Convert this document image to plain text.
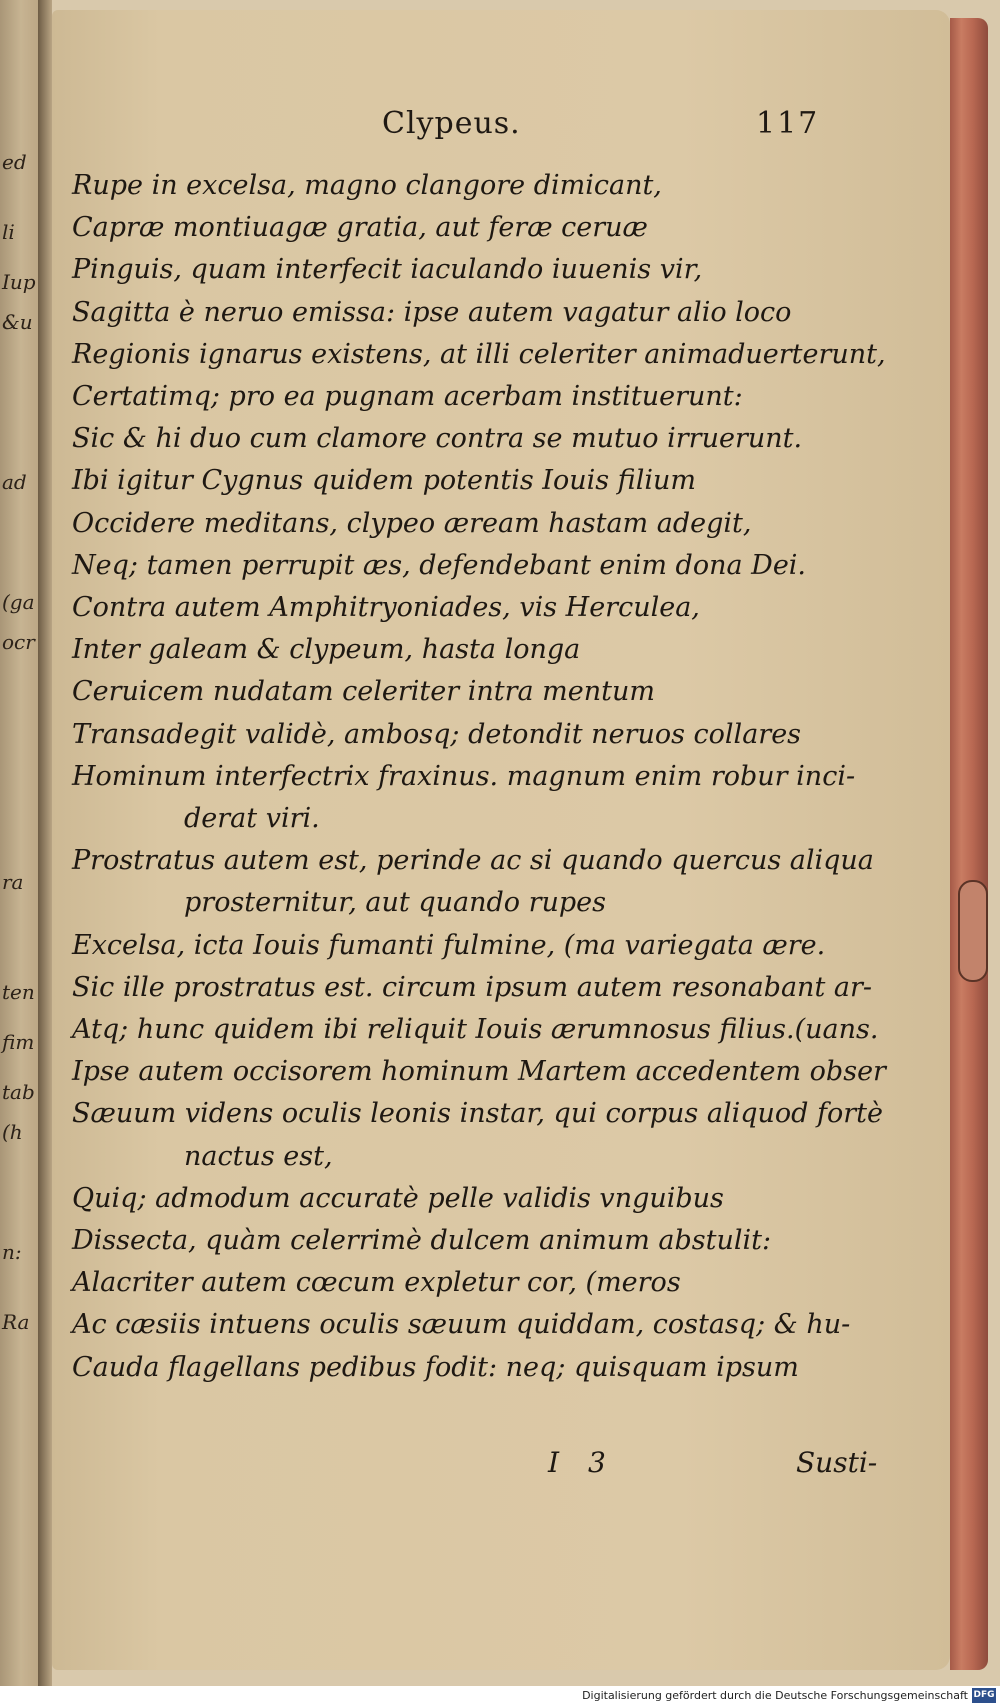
ed
li
Iup
&u
ad
(ga
ocr
ra
ten
fim
tab
(h
n:
Ra
Clypeus.	117
Rupe in excelsa, magno clangore dimicant,
Capræ montiuagæ gratia, aut feræ ceruæ
Pinguis, quam interfecit iaculando iuuenis vir,
Sagitta è neruo emissa: ipse autem vagatur alio loco
Regionis ignarus existens, at illi celeriter animaduerterunt,
Certatimq; pro ea pugnam acerbam instituerunt:
Sic & hi duo cum clamore contra se mutuo irruerunt.
Ibi igitur Cygnus quidem potentis Iouis filium
Occidere meditans, clypeo æream hastam adegit,
Neq; tamen perrupit æs, defendebant enim dona Dei.
Contra autem Amphitryoniades, vis Herculea,
Inter galeam & clypeum, hasta longa
Ceruicem nudatam celeriter intra mentum
Transadegit validè, ambosq; detondit neruos collares
Hominum interfectrix fraxinus. magnum enim robur inci-
derat viri.
Prostratus autem est, perinde ac si quando quercus aliqua
prosternitur, aut quando rupes
Excelsa, icta Iouis fumanti fulmine, (ma variegata ære.
Sic ille prostratus est. circum ipsum autem resonabant ar-
Atq; hunc quidem ibi reliquit Iouis ærumnosus filius.(uans.
Ipse autem occisorem hominum Martem accedentem obser
Sæuum videns oculis leonis instar, qui corpus aliquod fortè
nactus est,
Quiq; admodum accuratè pelle validis vnguibus
Dissecta, quàm celerrimè dulcem animum abstulit:
Alacriter autem cœcum expletur cor, (meros
Ac cæsiis intuens oculis sæuum quiddam, costasq; & hu-
Cauda flagellans pedibus fodit: neq; quisquam ipsum
I 3	Susti-
Digitalisierung gefördert durch die Deutsche Forschungsgemeinschaft DFG
